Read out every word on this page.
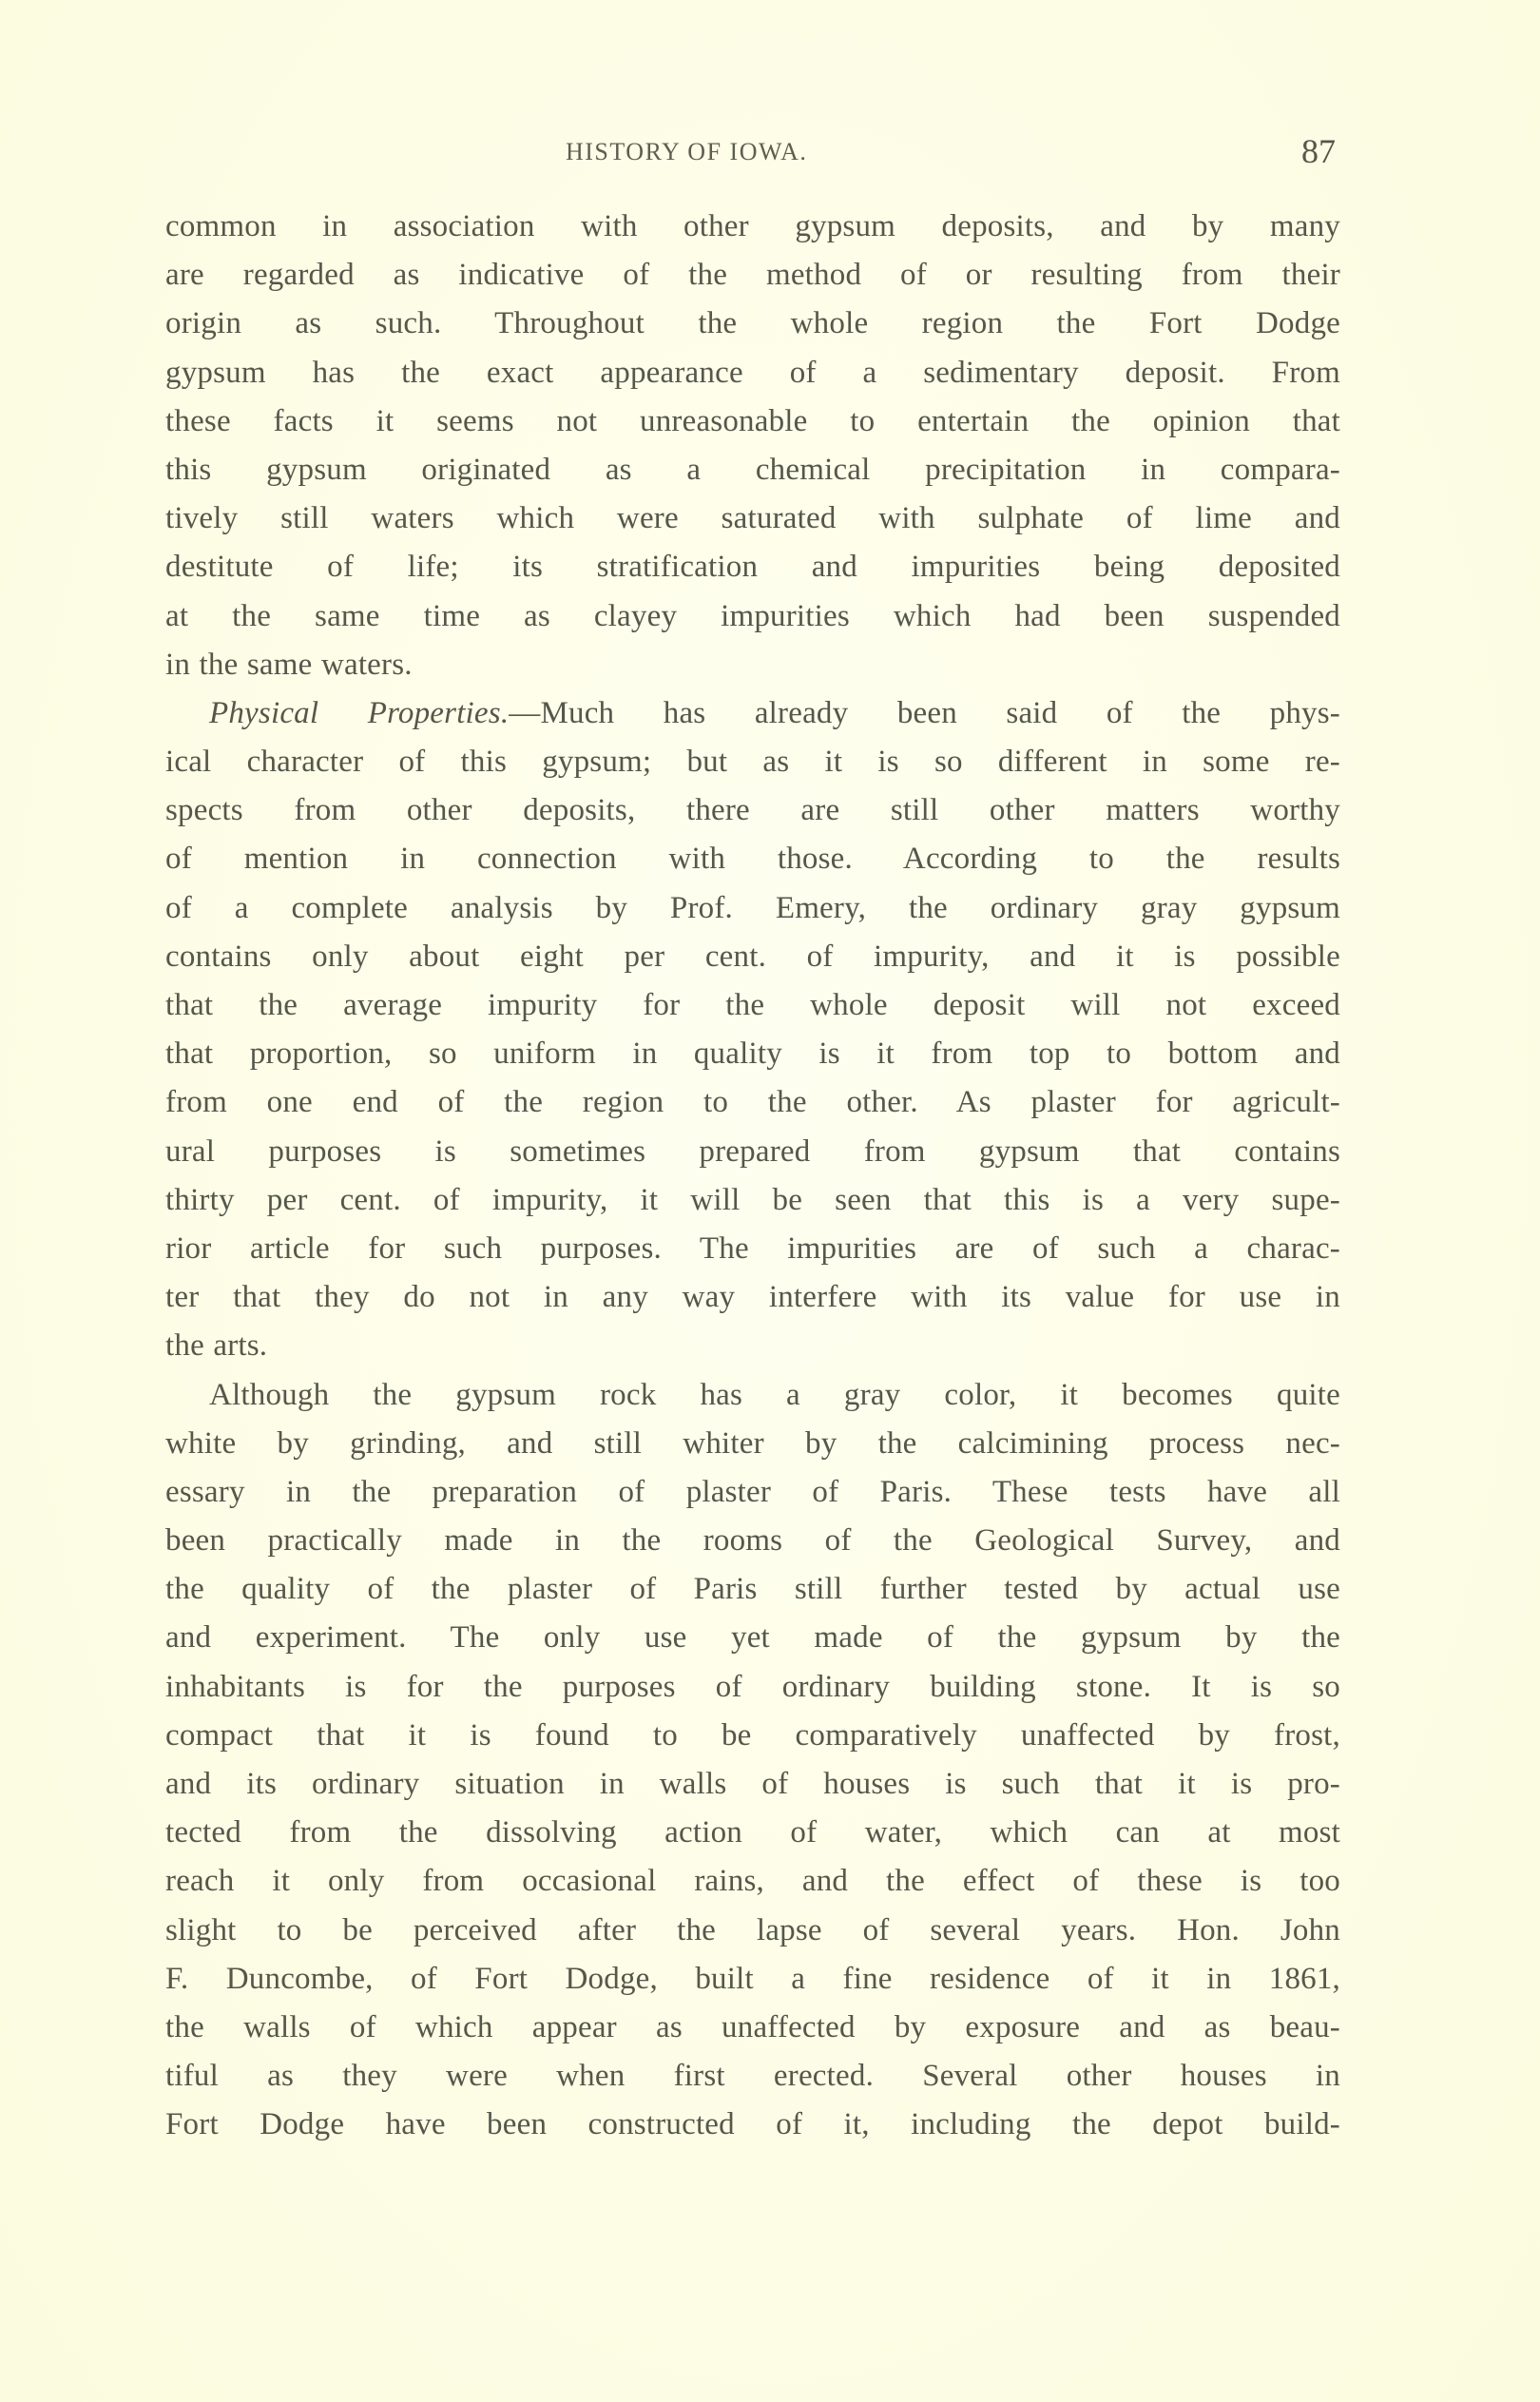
HISTORY OF IOWA.	87
common in association with other gypsum deposits, and by many
are regarded as indicative of the method of or resulting from their
origin as such. Throughout the whole region the Fort Dodge
gypsum has the exact appearance of a sedimentary deposit. From
these facts it seems not unreasonable to entertain the opinion that
this gypsum originated as a chemical precipitation in compara-
tively still waters which were saturated with sulphate of lime and
destitute of life; its stratification and impurities being deposited
at the same time as clayey impurities which had been suspended
in the same waters.
Physical Properties.—Much has already been said of the phys-
ical character of this gypsum; but as it is so different in some re-
spects from other deposits, there are still other matters worthy
of mention in connection with those. According to the results
of a complete analysis by Prof. Emery, the ordinary gray gypsum
contains only about eight per cent. of impurity, and it is possible
that the average impurity for the whole deposit will not exceed
that proportion, so uniform in quality is it from top to bottom and
from one end of the region to the other. As plaster for agricult-
ural purposes is sometimes prepared from gypsum that contains
thirty per cent. of impurity, it will be seen that this is a very supe-
rior article for such purposes. The impurities are of such a charac-
ter that they do not in any way interfere with its value for use in
the arts.
Although the gypsum rock has a gray color, it becomes quite
white by grinding, and still whiter by the calcimining process nec-
essary in the preparation of plaster of Paris. These tests have all
been practically made in the rooms of the Geological Survey, and
the quality of the plaster of Paris still further tested by actual use
and experiment. The only use yet made of the gypsum by the
inhabitants is for the purposes of ordinary building stone. It is so
compact that it is found to be comparatively unaffected by frost,
and its ordinary situation in walls of houses is such that it is pro-
tected from the dissolving action of water, which can at most
reach it only from occasional rains, and the effect of these is too
slight to be perceived after the lapse of several years. Hon. John
F. Duncombe, of Fort Dodge, built a fine residence of it in 1861,
the walls of which appear as unaffected by exposure and as beau-
tiful as they were when first erected. Several other houses in
Fort Dodge have been constructed of it, including the depot build-
